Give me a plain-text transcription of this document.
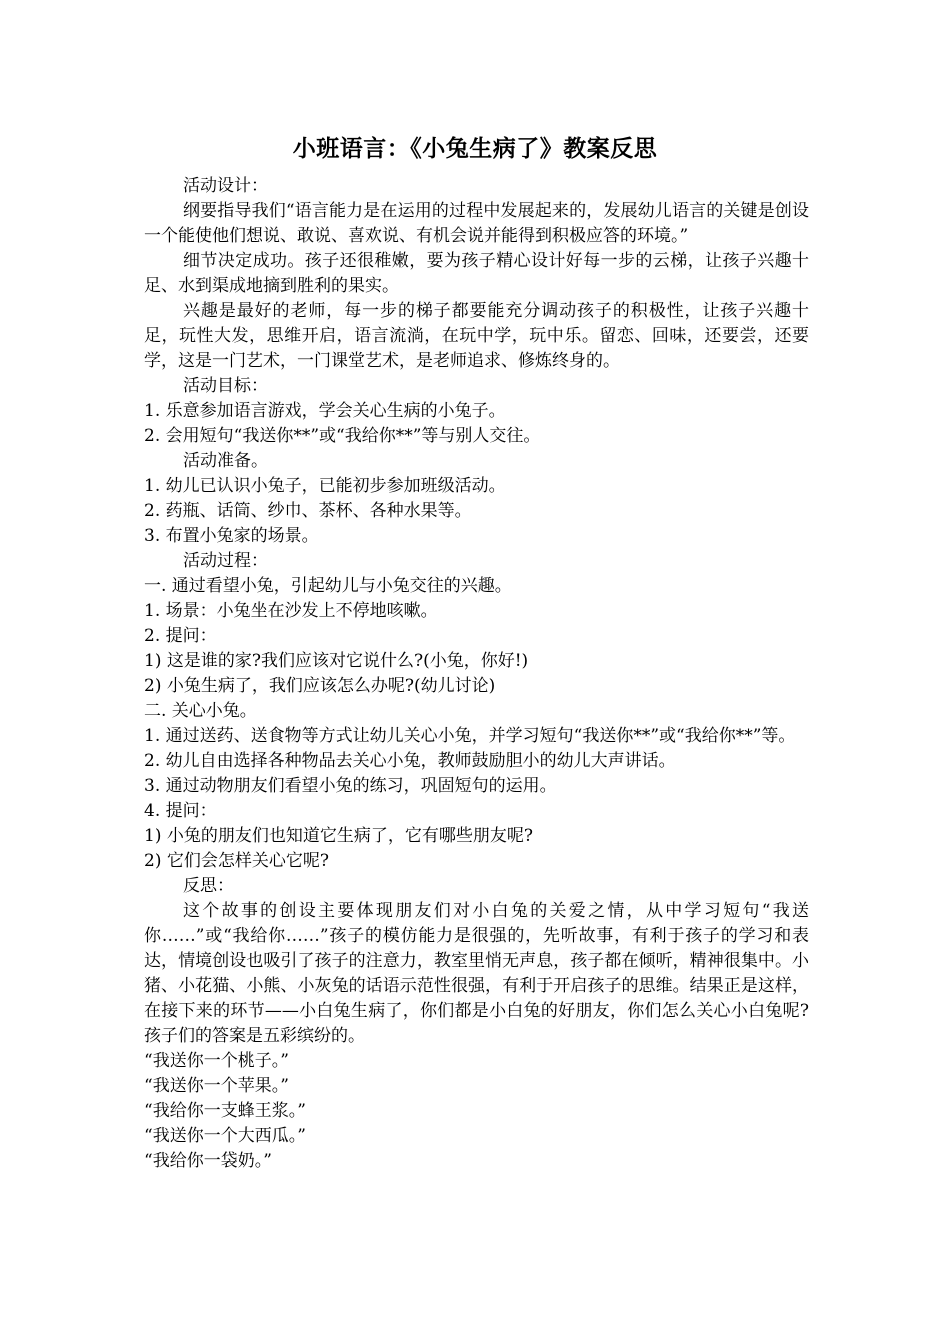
小班语言：《小兔生病了》教案反思

活动设计：

纲要指导我们“语言能力是在运用的过程中发展起来的，发展幼儿语言的关键是创设一个能使他们想说、敢说、喜欢说、有机会说并能得到积极应答的环境。”

细节决定成功。孩子还很稚嫩，要为孩子精心设计好每一步的云梯，让孩子兴趣十足、水到渠成地摘到胜利的果实。

兴趣是最好的老师，每一步的梯子都要能充分调动孩子的积极性，让孩子兴趣十足，玩性大发，思维开启，语言流淌，在玩中学，玩中乐。留恋、回味，还要尝，还要学，这是一门艺术，一门课堂艺术，是老师追求、修炼终身的。

活动目标：

1. 乐意参加语言游戏，学会关心生病的小兔子。

2. 会用短句“我送你**”或“我给你**”等与别人交往。

活动准备。

1. 幼儿已认识小兔子，已能初步参加班级活动。

2. 药瓶、话筒、纱巾、茶杯、各种水果等。

3. 布置小兔家的场景。

活动过程：

一. 通过看望小兔，引起幼儿与小兔交往的兴趣。

1. 场景：小兔坐在沙发上不停地咳嗽。

2. 提问：

1) 这是谁的家?我们应该对它说什么?(小兔，你好!)

2) 小兔生病了，我们应该怎么办呢?(幼儿讨论)

二. 关心小兔。

1. 通过送药、送食物等方式让幼儿关心小兔，并学习短句“我送你**”或“我给你**”等。

2. 幼儿自由选择各种物品去关心小兔，教师鼓励胆小的幼儿大声讲话。

3. 通过动物朋友们看望小兔的练习，巩固短句的运用。

4. 提问：

1) 小兔的朋友们也知道它生病了，它有哪些朋友呢?

2) 它们会怎样关心它呢?

反思：

这个故事的创设主要体现朋友们对小白兔的关爱之情，从中学习短句“我送你……”或“我给你……”孩子的模仿能力是很强的，先听故事，有利于孩子的学习和表达，情境创设也吸引了孩子的注意力，教室里悄无声息，孩子都在倾听，精神很集中。小猪、小花猫、小熊、小灰兔的话语示范性很强，有利于开启孩子的思维。结果正是这样，在接下来的环节——小白兔生病了，你们都是小白兔的好朋友，你们怎么关心小白兔呢?孩子们的答案是五彩缤纷的。

“我送你一个桃子。”

“我送你一个苹果。”

“我给你一支蜂王浆。”

“我送你一个大西瓜。”

“我给你一袋奶。”
